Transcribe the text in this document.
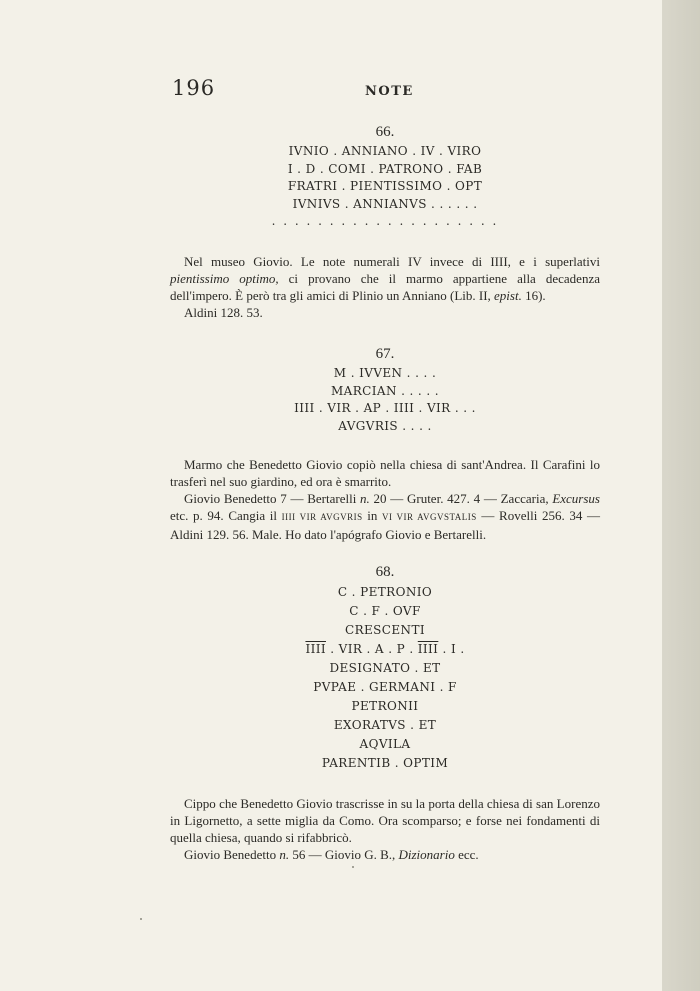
196	NOTE
66.
IVNIO . ANNIANO . IV . VIRO
I . D . COMI . PATRONO . FAB
FRATRI . PIENTISSIMO . OPT
IVNIVS . ANNIANVS . . . . . .
. . . . . . . . . . . . . . . . . . . .

Nel museo Giovio. Le note numerali IV invece di IIII, e i superlativi pientissimo optimo, ci provano che il marmo appartiene alla decadenza dell'impero. È però tra gli amici di Plinio un Anniano (Lib. II, epist. 16).

Aldini 128. 53.

67.
M . IVVEN . . . .
MARCIAN . . . . .
IIII . VIR . AP . IIII . VIR . . .
AVGVRIS . . . .

Marmo che Benedetto Giovio copiò nella chiesa di sant'Andrea. Il Carafini lo trasferì nel suo giardino, ed ora è smarrito.

Giovio Benedetto 7 — Bertarelli n. 20 — Gruter. 427. 4 — Zaccaria, Excursus etc. p. 94. Cangia il IIII VIR AVGVRIS in VI VIR AVGVSTALIS — Rovelli 256. 34 — Aldini 129. 56. Male. Ho dato l'apógrafo Giovio e Bertarelli.

68.
C . PETRONIO
C . F . OVF
CRESCENTI
IIII . VIR . A . P . IIII . I .
DESIGNATO . ET
PVPAE . GERMANI . F
PETRONII
EXORATVS . ET
AQVILA
PARENTIB . OPTIM

Cippo che Benedetto Giovio trascrisse in su la porta della chiesa di san Lorenzo in Ligornetto, a sette miglia da Como. Ora scomparso; e forse nei fondamenti di quella chiesa, quando si rifabbricò.

Giovio Benedetto n. 56 — Giovio G. B., Dizionario ecc.
